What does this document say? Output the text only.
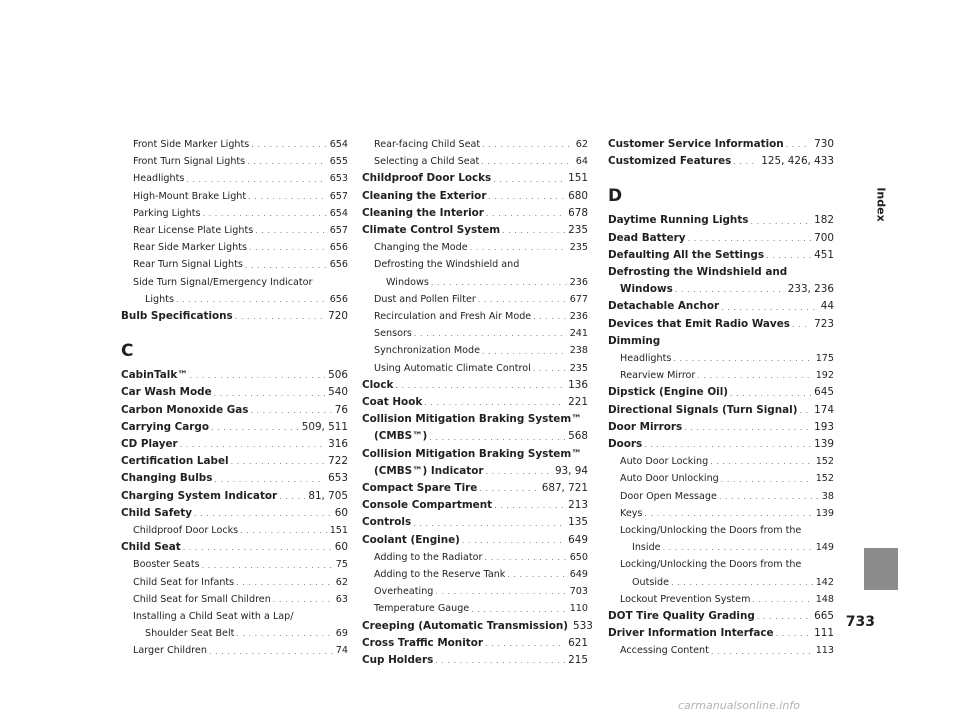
Front Side Marker Lights . . .	654
Front Turn Signal Lights . . .	655
Headlights . . .	653
High-Mount Brake Light . . .	657
Parking Lights . . .	654
Rear License Plate Lights . . .	657
Rear Side Marker Lights . . .	656
Rear Turn Signal Lights . . .	656
Side Turn Signal/Emergency Indicator
Lights . . .	656
Bulb Specifications . . .	720
C
CabinTalk™ . . .	506
Car Wash Mode . . .	540
Carbon Monoxide Gas . . .	76
Carrying Cargo . . .	509, 511
CD Player . . .	316
Certification Label . . .	722
Changing Bulbs . . .	653
Charging System Indicator . . .	81, 705
Child Safety . . .	60
Childproof Door Locks . . .	151
Child Seat . . .	60
Booster Seats . . .	75
Child Seat for Infants . . .	62
Child Seat for Small Children . . .	63
Installing a Child Seat with a Lap/
Shoulder Seat Belt . . .	69
Larger Children . . .	74
Rear-facing Child Seat . . .	62
Selecting a Child Seat . . .	64
Childproof Door Locks . . .	151
Cleaning the Exterior . . .	680
Cleaning the Interior . . .	678
Climate Control System . . .	235
Changing the Mode . . .	235
Defrosting the Windshield and
Windows . . .	236
Dust and Pollen Filter . . .	677
Recirculation and Fresh Air Mode . . .	236
Sensors . . .	241
Synchronization Mode . . .	238
Using Automatic Climate Control . . .	235
Clock . . .	136
Coat Hook . . .	221
Collision Mitigation Braking System™
(CMBS™) . . .	568
Collision Mitigation Braking System™
(CMBS™) Indicator . . .	93, 94
Compact Spare Tire . . .	687, 721
Console Compartment . . .	213
Controls . . .	135
Coolant (Engine) . . .	649
Adding to the Radiator . . .	650
Adding to the Reserve Tank . . .	649
Overheating . . .	703
Temperature Gauge . . .	110
Creeping (Automatic Transmission) 533
Cross Traffic Monitor . . .	621
Cup Holders . . .	215
Customer Service Information . . .	730
Customized Features . . .	125, 426, 433
D
Daytime Running Lights . . .	182
Dead Battery . . .	700
Defaulting All the Settings . . .	451
Defrosting the Windshield and
Windows . . .	233, 236
Detachable Anchor . . .	44
Devices that Emit Radio Waves . . . 723
Dimming
Headlights . . .	175
Rearview Mirror . . .	192
Dipstick (Engine Oil) . . .	645
Directional Signals (Turn Signal) . . . 174
Door Mirrors . . .	193
Doors . . .	139
Auto Door Locking . . .	152
Auto Door Unlocking . . .	152
Door Open Message . . .	38
Keys . . .	139
Locking/Unlocking the Doors from the
Inside . . .	149
Locking/Unlocking the Doors from the
Outside . . .	142
Lockout Prevention System . . .	148
DOT Tire Quality Grading . . .	665
Driver Information Interface . . .	111
Accessing Content . . .	113
Index
733
carmanualsonline.info
